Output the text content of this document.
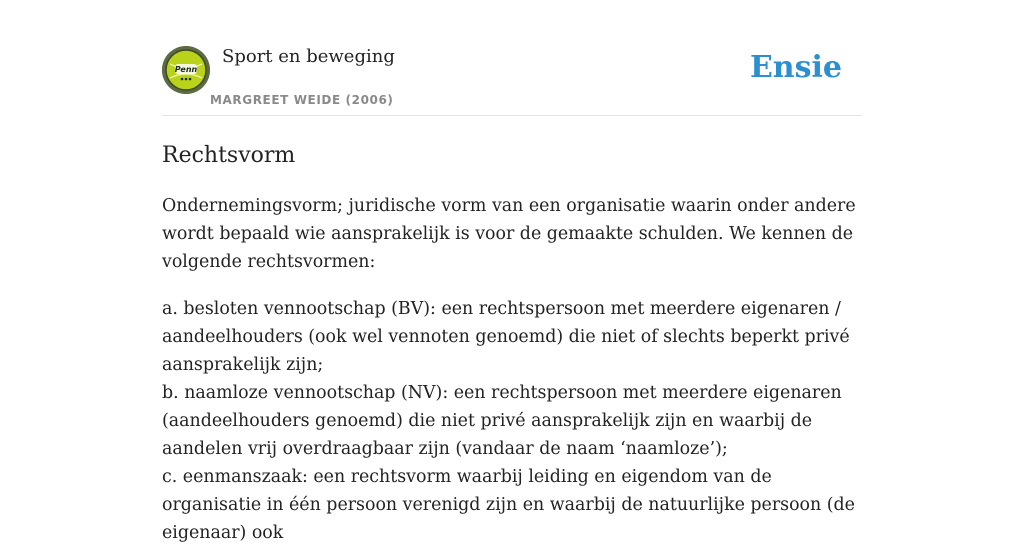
Penn
Sport en beweging
MARGREET WEIDE (2006)
Ensie
Rechtsvorm

Ondernemingsvorm; juridische vorm van een organisatie waarin onder andere wordt bepaald wie aansprakelijk is voor de gemaakte schulden. We kennen de volgende rechtsvormen:

a. besloten vennootschap (BV): een rechtspersoon met meerdere eigenaren / aandeelhouders (ook wel vennoten genoemd) die niet of slechts beperkt privé aansprakelijk zijn;
b. naamloze vennootschap (NV): een rechtspersoon met meerdere eigenaren (aandeelhouders genoemd) die niet privé aansprakelijk zijn en waarbij de aandelen vrij overdraagbaar zijn (vandaar de naam ‘naamloze’);
c. eenmanszaak: een rechtsvorm waarbij leiding en eigendom van de organisatie in één persoon verenigd zijn en waarbij de natuurlijke persoon (de eigenaar) ook
